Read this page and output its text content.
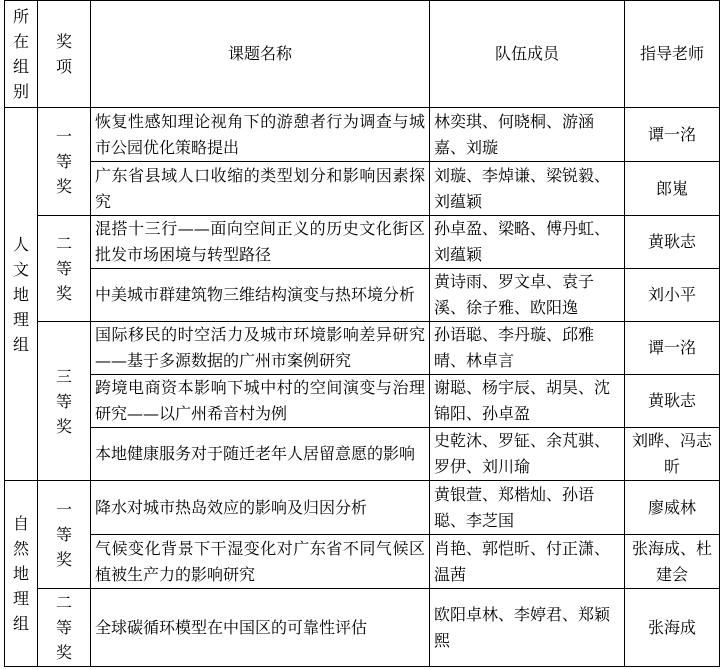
所在组别	奖项	课题名称	队伍成员	指导老师

人文地理组	一等奖	恢复性感知理论视角下的游憩者行为调查与城市公园优化策略提出	林奕琪、何晓桐、游涵嘉、刘璇	谭一洺
		广东省县域人口收缩的类型划分和影响因素探究	刘璇、李焯谦、梁锐毅、刘蕴颖	郎嵬

	二等奖	混搭十三行——面向空间正义的历史文化街区批发市场困境与转型路径	孙卓盈、梁略、傅丹虹、刘蕴颖	黄耿志
		中美城市群建筑物三维结构演变与热环境分析	黄诗雨、罗文卓、袁子溪、徐子雅、欧阳逸	刘小平

	三等奖	国际移民的时空活力及城市环境影响差异研究——基于多源数据的广州市案例研究	孙语聪、李丹璇、邱雅晴、林卓言	谭一洺
		跨境电商资本影响下城中村的空间演变与治理研究——以广州希音村为例	谢聪、杨宇辰、胡昊、沈锦阳、孙卓盈	黄耿志
		本地健康服务对于随迁老年人居留意愿的影响	史乾沐、罗钲、余芃骐、罗伊、刘川瑜	刘晔、冯志昕

自然地理组	一等奖	降水对城市热岛效应的影响及归因分析	黄银萱、郑楷灿、孙语聪、李芝国	廖威林
		气候变化背景下干湿变化对广东省不同气候区植被生产力的影响研究	肖艳、郭恺昕、付正潇、温茜	张海成、杜建会

	二等奖	全球碳循环模型在中国区的可靠性评估	欧阳卓林、李婷君、郑颖熙	张海成
